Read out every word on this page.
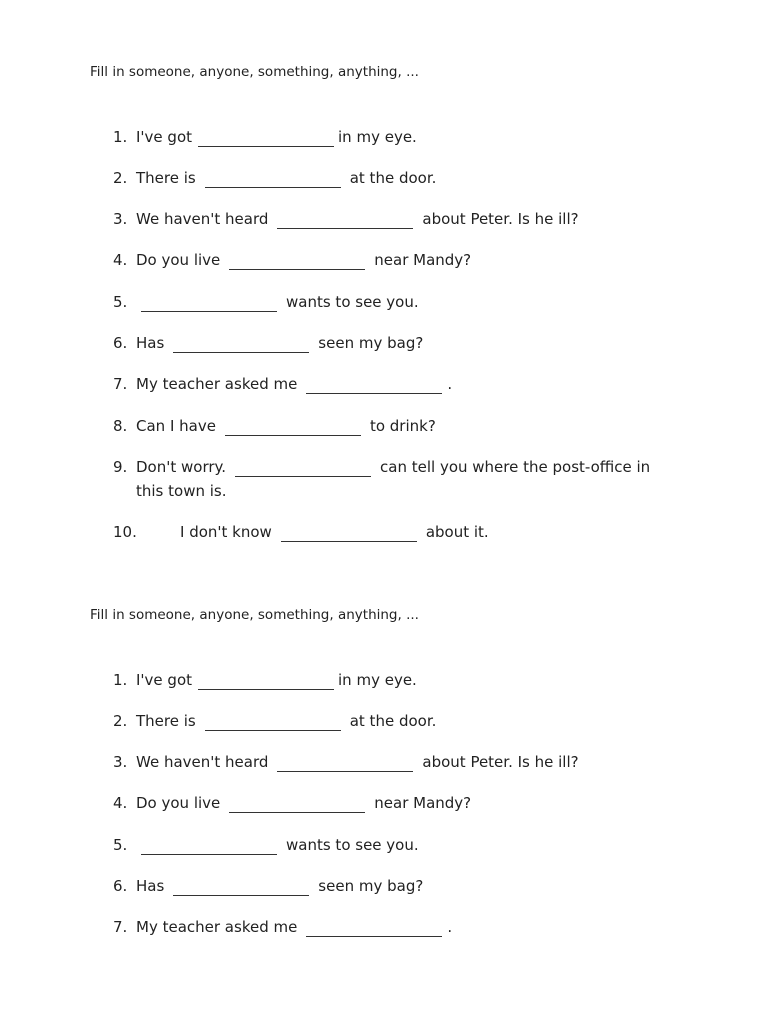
Fill in someone, anyone, something, anything, ...
1. I've got	in my eye.
2. There is	at the door.
3. We haven't heard	about Peter. Is he ill?
4. Do you live	near Mandy?
5.	wants to see you.
6. Has	seen my bag?
7. My teacher asked me	.
8. Can I have	to drink?
9. Don't worry.	can tell you where the post-office in
this town is.
10.	I don't know	about it.
Fill in someone, anyone, something, anything, ...
1. I've got	in my eye.
2. There is	at the door.
3. We haven't heard	about Peter. Is he ill?
4. Do you live	near Mandy?
5.	wants to see you.
6. Has	seen my bag?
7. My teacher asked me	.
